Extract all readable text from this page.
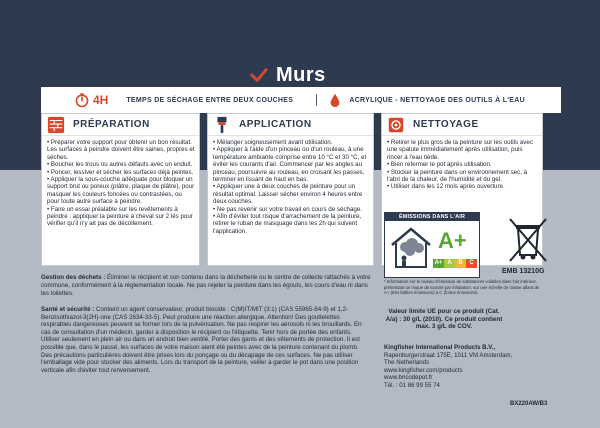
Murs
4H	TEMPS DE SÉCHAGE ENTRE DEUX COUCHES	ACRYLIQUE - NETTOYAGE DES OUTILS À L'EAU
PRÉPARATION

• Préparer votre support pour obtenir un bon résultat. Les surfaces à peindre doivent être saines, propres et sèches.

• Boucher les trous ou autres défauts avec un enduit.

• Poncer, lessiver et sécher les surfaces déjà peintes.

• Appliquer la sous-couche adéquate pour bloquer un support brut ou poreux (plâtre, plaque de plâtre), pour masquer les couleurs foncées ou contrastées, ou pour toute autre surface à peindre.

• Faire un essai préalable sur les revêtements à peindre : appliquer la peinture à cheval sur 2 lés pour vérifier qu'il n'y ait pas de décollement.

APPLICATION

• Mélanger soigneusement avant utilisation.

• Appliquer à l'aide d'un pinceau ou d'un rouleau, à une température ambiante comprise entre 10 °C et 30 °C, et éviter les courants d'air. Commencer par les angles au pinceau, poursuivre au rouleau, en croisant les passes, terminer en lissant de haut en bas.

• Appliquer une à deux couches de peinture pour un résultat optimal. Laisser sécher environ 4 heures entre deux couches.

• Ne pas revenir sur votre travail en cours de séchage.

• Afin d'éviter tout risque d'arrachement de la peinture, retirer le ruban de masquage dans les 2h qui suivent l'application.

NETTOYAGE

• Retirer le plus gros de la peinture sur les outils avec une spatule immédiatement après utilisation, puis rincer à l'eau tiède.

• Bien refermer le pot après utilisation.

• Stocker la peinture dans un environnement sec, à l'abri de la chaleur, de l'humidité et du gel.

• Utiliser dans les 12 mois après ouverture.

ÉMISSIONS DANS L'AIR INTÉRIEUR*
A+
A+ A	B	C
EMB 13210G
* Information sur le niveau d'émission de substances volatiles dans l'air intérieur, présentant un risque de toxicité par inhalation, sur une échelle de classe allant de A+ (très faibles émissions) à C (fortes émissions).
Valeur limite UE pour ce produit (Cat. A/a) : 30 g/L (2010). Ce produit contient max. 3 g/L de COV.
Kingfisher International Products B.V.,
Rapenburgerstraat 175E, 1011 VM Amsterdam,
The Netherlands
www.kingfisher.com/products
www.bricodepot.fr
Tél. : 01 86 99 55 74
BX220AW/B3
Gestion des déchets : Éliminer le récipient et son contenu dans la déchetterie ou le centre de collecte rattachés à votre commune, conformément à la réglementation locale. Ne pas rejeter la peinture dans les égouts, les cours d'eau ni dans les toilettes.
Santé et sécurité : Contient un agent conservateur, produit biocide : C(M)IT/MIT (3:1) (CAS 55965-84-9) et 1,2-Benzisothiazol-3(2H)-one (CAS 2634-33-5). Peut produire une réaction allergique. Attention! Des gouttelettes respirables dangereuses peuvent se former lors de la pulvérisation. Ne pas respirer les aérosols ni les brouillards. En cas de consultation d'un médecin, garder à disposition le récipient ou l'étiquette. Tenir hors de portée des enfants. Utiliser seulement en plein air ou dans un endroit bien ventilé. Porter des gants et des vêtements de protection. Il est possible que, dans le passé, les surfaces de votre maison aient été peintes avec de la peinture contenant du plomb. Des précautions particulières doivent être prises lors du ponçage ou du décapage de ces surfaces. Ne pas utiliser l'emballage vide pour stocker des aliments. Lors du transport de la peinture, veiller à garder le pot dans une position verticale afin d'éviter tout renversement.
